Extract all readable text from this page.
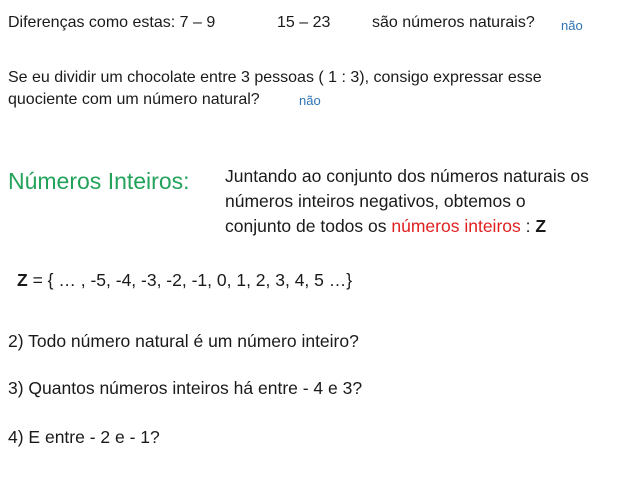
Diferenças como estas: 7 – 9	15 – 23	são números naturais? não
Se eu dividir um chocolate entre 3 pessoas ( 1 : 3), consigo expressar esse
quociente com um número natural?	não
Números Inteiros: Juntando ao conjunto dos números naturais os
números inteiros negativos, obtemos o
conjunto de todos os números inteiros : Z
Z = { … , -5, -4, -3, -2, -1, 0, 1, 2, 3, 4, 5 …}
2) Todo número natural é um número inteiro?
3) Quantos números inteiros há entre - 4 e 3?
4) E entre - 2 e - 1?
